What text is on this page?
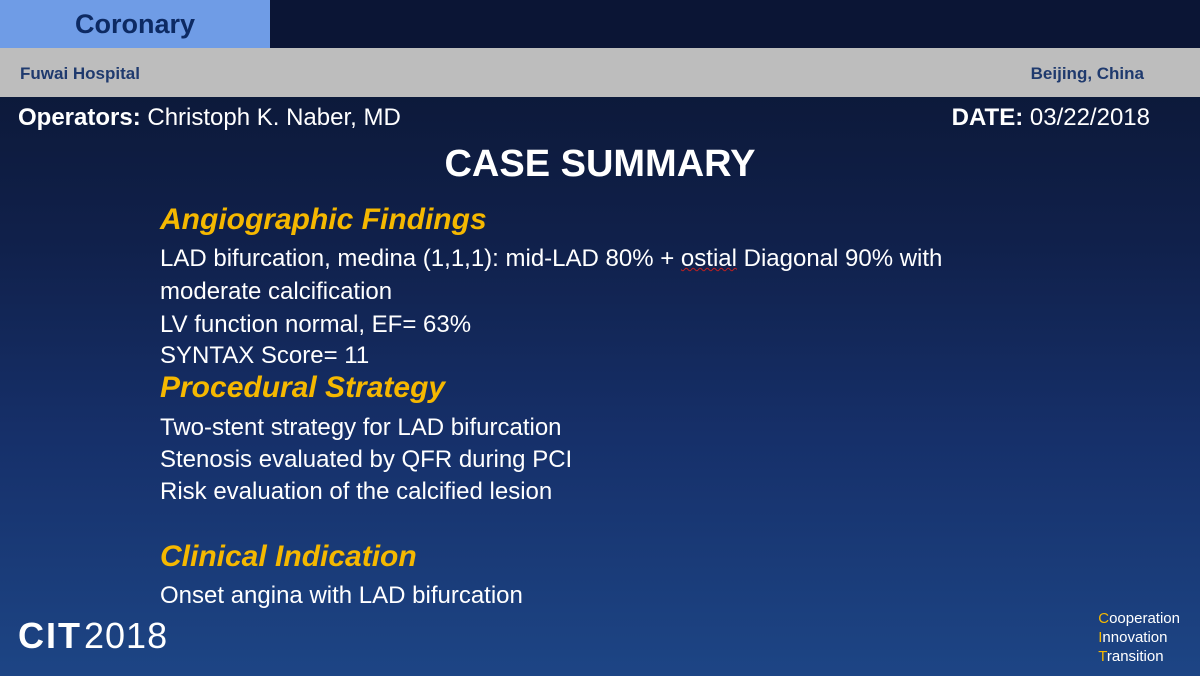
Coronary
Fuwai Hospital	Beijing, China
Operators: Christoph K. Naber, MD	DATE: 03/22/2018
CASE SUMMARY
Angiographic Findings
LAD bifurcation, medina (1,1,1): mid-LAD 80% + ostial Diagonal 90% with
moderate calcification
LV function normal, EF= 63%
SYNTAX Score= 11
Procedural Strategy
Two-stent strategy for LAD bifurcation
Stenosis evaluated by QFR during PCI
Risk evaluation of the calcified lesion
Clinical Indication
Onset angina with LAD bifurcation
CIT2018	Cooperation
Innovation
Transition
